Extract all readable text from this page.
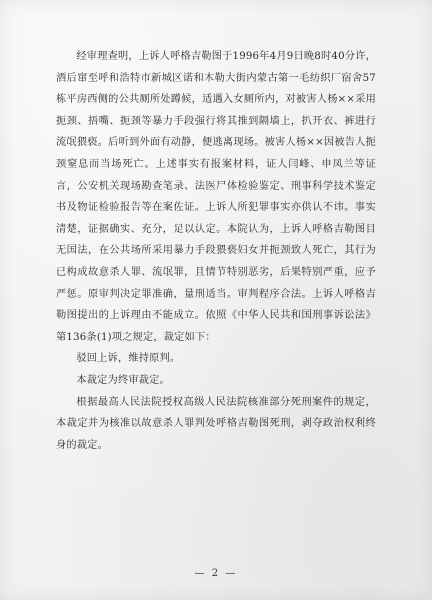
经审理查明，上诉人呼格吉勒图于1996年4月9日晚8时40分许，酒后窜至呼和浩特市新城区诺和木勒大街内蒙古第一毛纺织厂宿舍57栋平房西侧的公共厕所处蹲候，适遇入女厕所内，对被害人杨××采用扼颈、捂嘴、扼颈等暴力手段强行将其推到隔墙上，扒开衣、裤进行流氓猥亵。后听到外面有动静，便逃离现场。被害人杨××因被告人扼颈窒息而当场死亡。上述事实有报案材料，证人闫峰、申凤兰等证言，公安机关现场勘查笔录、法医尸体检验鉴定、刑事科学技术鉴定书及物证检验报告等在案佐证。上诉人所犯罪事实亦供认不讳。事实清楚，证据确实、充分，足以认定。本院认为，上诉人呼格吉勒图目无国法，在公共场所采用暴力手段猥亵妇女并扼颈致人死亡，其行为已构成故意杀人罪、流氓罪，且情节特别恶劣，后果特别严重，应予严惩。原审判决定罪准确，量刑适当。审判程序合法。上诉人呼格吉勒图提出的上诉理由不能成立。依照《中华人民共和国刑事诉讼法》第136条(1)项之规定，裁定如下：

驳回上诉，维持原判。

本裁定为终审裁定。

根据最高人民法院授权高级人民法院核准部分死刑案件的规定，本裁定并为核准以故意杀人罪判处呼格吉勒图死刑，剥夺政治权利终身的裁定。

— 2 —
